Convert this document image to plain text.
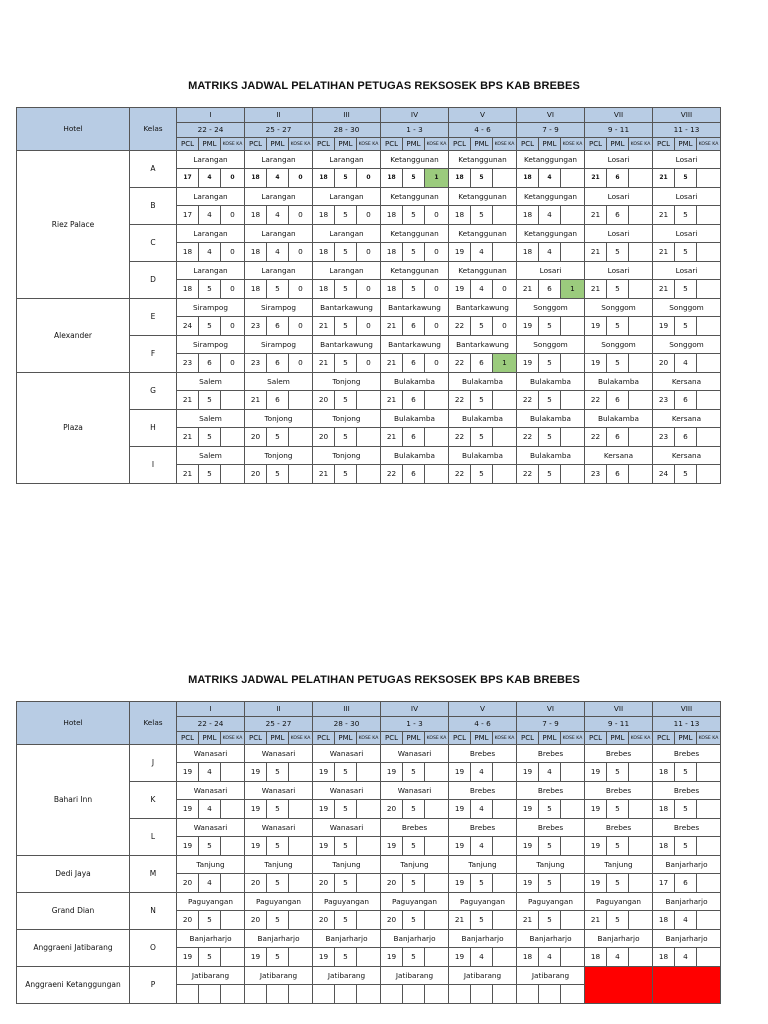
MATRIKS JADWAL PELATIHAN PETUGAS REKSOSEK BPS KAB BREBES
Hotel	Kelas	I			II			III			IV			V			VI			VII			VIII		
		22 - 24			25 - 27			28 - 30			1 - 3			4 - 6			7 - 9			9 - 11			11 - 13		
		PCL	PML	KOSE KA	PCL	PML	KOSE KA	PCL	PML	KOSE KA	PCL	PML	KOSE KA	PCL	PML	KOSE KA	PCL	PML	KOSE KA	PCL	PML	KOSE KA	PCL	PML	KOSE KA
Riez Palace	A	Larangan			Larangan			Larangan			Ketanggunan			Ketanggunan			Ketanggungan			Losari			Losari		
		17	4	0	18	4	0	18	5	0	18	5	1	18	5		18	4		21	6		21	5	
	B	Larangan			Larangan			Larangan			Ketanggunan			Ketanggunan			Ketanggungan			Losari			Losari		
		17	4	0	18	4	0	18	5	0	18	5	0	18	5		18	4		21	6		21	5	
	C	Larangan			Larangan			Larangan			Ketanggunan			Ketanggunan			Ketanggungan			Losari			Losari		
		18	4	0	18	4	0	18	5	0	18	5	0	19	4		18	4		21	5		21	5	
	D	Larangan			Larangan			Larangan			Ketanggunan			Ketanggunan			Losari			Losari			Losari		
		18	5	0	18	5	0	18	5	0	18	5	0	19	4	0	21	6	1	21	5		21	5	
Alexander	E	Sirampog			Sirampog			Bantarkawung			Bantarkawung			Bantarkawung			Songgom			Songgom			Songgom		
		24	5	0	23	6	0	21	5	0	21	6	0	22	5	0	19	5		19	5		19	5	
	F	Sirampog			Sirampog			Bantarkawung			Bantarkawung			Bantarkawung			Songgom			Songgom			Songgom		
		23	6	0	23	6	0	21	5	0	21	6	0	22	6	1	19	5		19	5		20	4	
Plaza	G	Salem			Salem			Tonjong			Bulakamba			Bulakamba			Bulakamba			Bulakamba			Kersana		
		21	5		21	6		20	5		21	6		22	5		22	5		22	6		23	6	
	H	Salem			Tonjong			Tonjong			Bulakamba			Bulakamba			Bulakamba			Bulakamba			Kersana		
		21	5		20	5		20	5		21	6		22	5		22	5		22	6		23	6	
	I	Salem			Tonjong			Tonjong			Bulakamba			Bulakamba			Bulakamba			Kersana			Kersana		
		21	5		20	5		21	5		22	6		22	5		22	5		23	6		24	5	
MATRIKS JADWAL PELATIHAN PETUGAS REKSOSEK BPS KAB BREBES
Hotel	Kelas	I			II			III			IV			V			VI			VII			VIII		
		22 - 24			25 - 27			28 - 30			1 - 3			4 - 6			7 - 9			9 - 11			11 - 13		
		PCL	PML	KOSE KA	PCL	PML	KOSE KA	PCL	PML	KOSE KA	PCL	PML	KOSE KA	PCL	PML	KOSE KA	PCL	PML	KOSE KA	PCL	PML	KOSE KA	PCL	PML	KOSE KA
Bahari Inn	J	Wanasari			Wanasari			Wanasari			Wanasari			Brebes			Brebes			Brebes			Brebes		
		19	4		19	5		19	5		19	5		19	4		19	4		19	5		18	5	
	K	Wanasari			Wanasari			Wanasari			Wanasari			Brebes			Brebes			Brebes			Brebes		
		19	4		19	5		19	5		20	5		19	4		19	5		19	5		18	5	
	L	Wanasari			Wanasari			Wanasari			Brebes			Brebes			Brebes			Brebes			Brebes		
		19	5		19	5		19	5		19	5		19	4		19	5		19	5		18	5	
Dedi Jaya	M	Tanjung			Tanjung			Tanjung			Tanjung			Tanjung			Tanjung			Tanjung			Banjarharjo		
		20	4		20	5		20	5		20	5		19	5		19	5		19	5		17	6	
Grand Dian	N	Paguyangan			Paguyangan			Paguyangan			Paguyangan			Paguyangan			Paguyangan			Paguyangan			Banjarharjo		
		20	5		20	5		20	5		20	5		21	5		21	5		21	5		18	4	
Anggraeni Jatibarang	O	Banjarharjo			Banjarharjo			Banjarharjo			Banjarharjo			Banjarharjo			Banjarharjo			Banjarharjo			Banjarharjo		
		19	5		19	5		19	5		19	5		19	4		18	4		18	4		18	4	
Anggraeni Ketanggungan	P	Jatibarang			Jatibarang			Jatibarang			Jatibarang			Jatibarang			Jatibarang								
